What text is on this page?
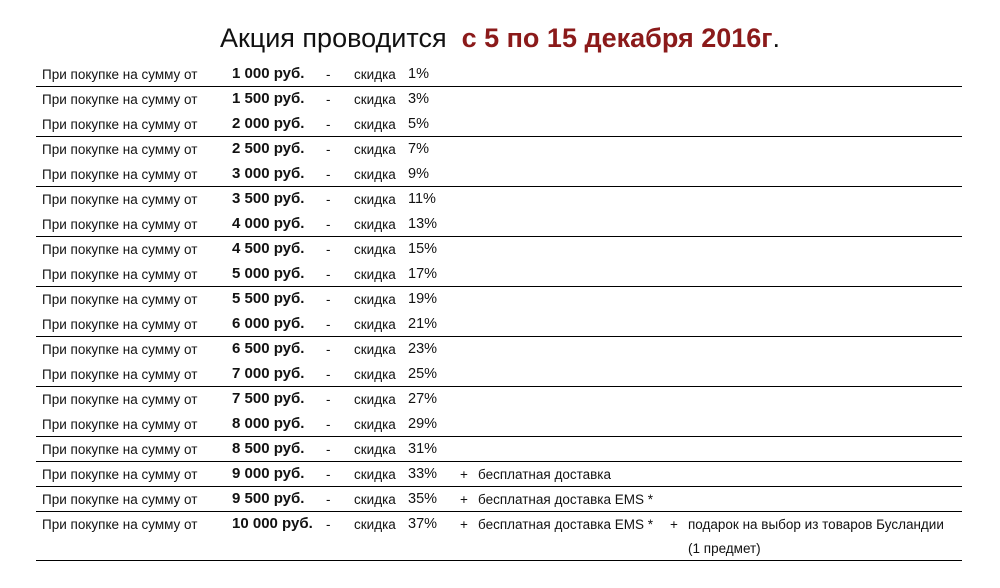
Акция проводится с 5 по 15 декабря 2016г.
При покупке на сумму от 1 000 руб. - скидка 1%
При покупке на сумму от 1 500 руб. - скидка 3%
При покупке на сумму от 2 000 руб. - скидка 5%
При покупке на сумму от 2 500 руб. - скидка 7%
При покупке на сумму от 3 000 руб. - скидка 9%
При покупке на сумму от 3 500 руб. - скидка 11%
При покупке на сумму от 4 000 руб. - скидка 13%
При покупке на сумму от 4 500 руб. - скидка 15%
При покупке на сумму от 5 000 руб. - скидка 17%
При покупке на сумму от 5 500 руб. - скидка 19%
При покупке на сумму от 6 000 руб. - скидка 21%
При покупке на сумму от 6 500 руб. - скидка 23%
При покупке на сумму от 7 000 руб. - скидка 25%
При покупке на сумму от 7 500 руб. - скидка 27%
При покупке на сумму от 8 000 руб. - скидка 29%
При покупке на сумму от 8 500 руб. - скидка 31%
При покупке на сумму от 9 000 руб. - скидка 33% + бесплатная доставка
При покупке на сумму от 9 500 руб. - скидка 35% + бесплатная доставка EMS *
При покупке на сумму от 10 000 руб. - скидка 37% + бесплатная доставка EMS * + подарок на выбор из товаров Бусландии
(1 предмет)
